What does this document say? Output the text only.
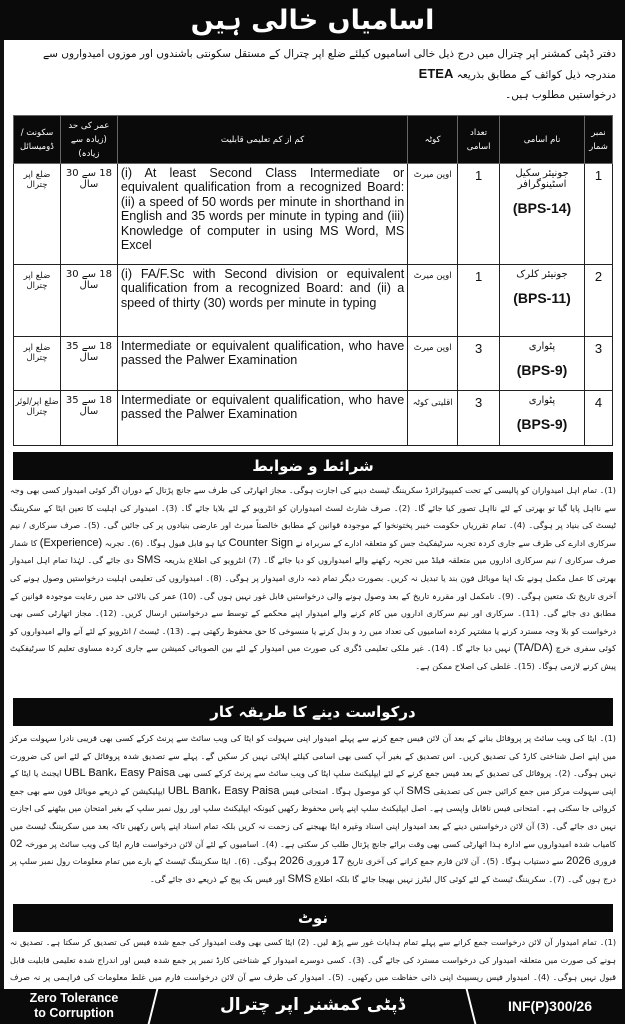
اسامیاں خالی ہیں
دفتر ڈپٹی کمشنر اپر چترال میں درج ذیل خالی اسامیوں کیلئے ضلع اپر چترال کے مستقل سکونتی باشندوں اور موزوں امیدواروں سے مندرجہ ذیل کوائف کے مطابق بذریعہ ETEA
درخواستیں مطلوب ہیں۔
سکونت / ڈومیسائل	عمر کی حد (زیادہ سے زیادہ)	کم از کم تعلیمی قابلیت	کوٹہ	تعداد اسامی	نام اسامی	نمبر شمار
ضلع اپر چترال	18 سے 30 سال	(i) At least Second Class Intermediate or equivalent qualification from a recognized Board: (ii) a speed of 50 words per minute in shorthand in English and 35 words per minute in typing and (iii) Knowledge of computer in using MS Word, MS Excel	اوپن میرٹ	1	جونیئر سکیل اسٹینوگرافر
(BPS-14)
	1
ضلع اپر چترال	18 سے 30 سال	(i) FA/F.Sc with Second division or equivalent qualification from a recognized Board: and (ii) a speed of thirty (30) words per minute in typing	اوپن میرٹ	1	جونیئر کلرک
(BPS-11)
	2
ضلع اپر چترال	18 سے 35 سال	Intermediate or equivalent qualification, who have passed the Palwer Examination	اوپن میرٹ	3	پٹواری
(BPS-9)
	3
ضلع اپر/لوئر چترال	18 سے 35 سال	Intermediate or equivalent qualification, who have passed the Palwer Examination	اقلیتی کوٹہ	3	پٹواری
(BPS-9)
	4
شرائط و ضوابط
(1)۔ تمام اہل امیدواران کو پالیسی کے تحت کمپیوٹرائزڈ سکریننگ ٹیسٹ دینے کی اجازت ہوگی۔ مجاز اتھارٹی کی طرف سے جانچ پڑتال کے دوران اگر کوئی امیدوار کسی بھی وجہ سے نااہل پایا گیا تو بھرتی کے لئے نااہل تصور کیا جائے گا۔ (2)۔ صرف شارٹ لسٹ امیدواران کو انٹرویو کے لئے بلایا جائے گا۔ (3)۔ امیدوار کی اہلیت کا تعین ایٹا کے سکریننگ ٹیسٹ کی بنیاد پر ہوگی۔ (4)۔ تمام تقرریاں حکومت خیبر پختونخوا کے موجودہ قوانین کے مطابق خالصتاً میرٹ اور عارضی بنیادوں پر کی جائیں گی۔ (5)۔ صرف سرکاری / نیم سرکاری ادارے کی طرف سے جاری کردہ تجربہ سرٹیفکیٹ جس کو متعلقہ ادارے کے سربراہ نے Counter Sign کیا ہو قابل قبول ہوگا۔ (6)۔ تجربہ (Experience) کا شمار صرف سرکاری / نیم سرکاری اداروں میں متعلقہ فیلڈ میں تجربہ رکھنے والے امیدواروں کو دیا جائے گا۔ (7) انٹرویو کی اطلاع بذریعہ SMS دی جائے گی۔ لہٰذا تمام اہل امیدوار بھرتی کا عمل مکمل ہونے تک اپنا موبائل فون بند یا تبدیل نہ کریں۔ بصورت دیگر تمام ذمہ داری امیدوار پر ہوگی۔ (8)۔ امیدواروں کی تعلیمی اہلیت درخواستیں وصول ہونے کی آخری تاریخ تک متعین ہوگی۔ (9)۔ نامکمل اور مقررہ تاریخ کے بعد وصول ہونے والی درخواستیں قابل غور نہیں ہوں گی۔ (10) عمر کی بالائی حد میں رعایت موجودہ قوانین کے مطابق دی جائے گی۔ (11)۔ سرکاری اور نیم سرکاری اداروں میں کام کرنے والے امیدوار اپنے محکمے کے توسط سے درخواستیں ارسال کریں۔ (12)۔ مجاز اتھارٹی کسی بھی درخواست کو بلا وجہ مسترد کرنے یا مشتہر کردہ اسامیوں کی تعداد میں رد و بدل کرنے یا منسوخی کا حق محفوظ رکھتی ہے۔ (13)۔ ٹیسٹ / انٹرویو کے لئے آنے والے امیدواروں کو کوئی سفری خرچ (TA/DA) نہیں دیا جائے گا۔ (14)۔ غیر ملکی تعلیمی ڈگری کی صورت میں امیدوار کے لئے بین الصوبائی کمیشن سے جاری کردہ مساوی تعلیم کا سرٹیفکیٹ پیش کرنے لازمی ہوگا۔ (15)۔ غلطی کی اصلاح ممکن ہے۔
درکواست دینے کا طریقہ کار
(1)۔ ایٹا کی ویب سائٹ پر پروفائل بنانے کے بعد آن لائن فیس جمع کرنے سے پہلے امیدوار اپنی سہولت کو ایٹا کی ویب سائٹ سے پرنٹ کرکے کسی بھی قریبی نادرا سہولت مرکز میں اپنے اصل شناختی کارڈ کی تصدیق کریں۔ اس تصدیق کے بغیر آپ کسی بھی اسامی کیلئے اپلائی نہیں کر سکیں گے۔ پہلے سے تصدیق شدہ پروفائل کے لئے اس کی ضرورت نہیں ہوگی۔ (2)۔ پروفائل کی تصدیق کے بعد فیس جمع کرنے کے لئے ایپلیکنٹ سلپ ایٹا کی ویب سائٹ سے پرنٹ کرکے کسی بھی UBL Bank، Easy Paisa ایجنٹ یا ایٹا کے اپنی سہولت مرکز میں جمع کرائیں جس کی تصدیقی SMS آپ کو موصول ہوگا۔ امتحانی فیس UBL Bank، Easy Paisa ایپلیکیشن کے ذریعے موبائل فون سے بھی جمع کروائی جا سکتی ہے۔ امتحانی فیس ناقابل واپسی ہے۔ اصل ایپلیکنٹ سلپ اپنے پاس محفوظ رکھیں کیونکہ ایپلیکنٹ سلپ اور رول نمبر سلپ کے بغیر امتحان میں بیٹھنے کی اجازت نہیں دی جائے گی۔ (3) آن لائن درخواستیں دینے کے بعد امیدوار اپنی اسناد وغیرہ ایٹا بھیجنے کی زحمت نہ کریں بلکہ تمام اسناد اپنے پاس رکھیں تاکہ بعد میں سکریننگ ٹیسٹ میں کامیاب شدہ امیدواروں سے ادارہ ہذا اتھارٹی کسی بھی وقت برائے جانچ پڑتال طلب کر سکتی ہے۔ (4)۔ اسامیوں کے لئے آن لائن درخواست فارم ایٹا کی ویب سائٹ پر مورخہ 02 فروری 2026 سے دستیاب ہوگا۔ (5)۔ آن لائن فارم جمع کرانے کی آخری تاریخ 17 فروری 2026 ہوگی۔ (6)۔ ایٹا سکریننگ ٹیسٹ کے بارے میں تمام معلومات رول نمبر سلپ پر درج ہوں گی۔ (7)۔ سکریننگ ٹیسٹ کے لئے کوئی کال لیٹرز نہیں بھیجا جائے گا بلکہ اطلاع SMS اور فیس بک پیج کے ذریعے دی جائے گی۔
نوٹ
(1)۔ تمام امیدوار آن لائن درخواست جمع کرانے سے پہلے تمام ہدایات غور سے پڑھ لیں۔ (2) ایٹا کسی بھی وقت امیدوار کی جمع شدہ فیس کی تصدیق کر سکتا ہے۔ تصدیق نہ ہونے کی صورت میں متعلقہ امیدوار کی درخواست مسترد کی جائے گی۔ (3)۔ کسی دوسرے امیدوار کے شناختی کارڈ نمبر پر جمع شدہ فیس اور اندراج شدہ تعلیمی قابلیت قابل قبول نہیں ہوگی۔ (4)۔ امیدوار فیس ریسیپٹ اپنی ذاتی حفاظت میں رکھیں۔ (5)۔ امیدوار کی طرف سے آن لائن درخواست فارم میں غلط معلومات کی فراہمی پر نہ صرف
Zero Tolerance
to Corruption	ڈپٹی کمشنر اپر چترال	INF(P)300/26
